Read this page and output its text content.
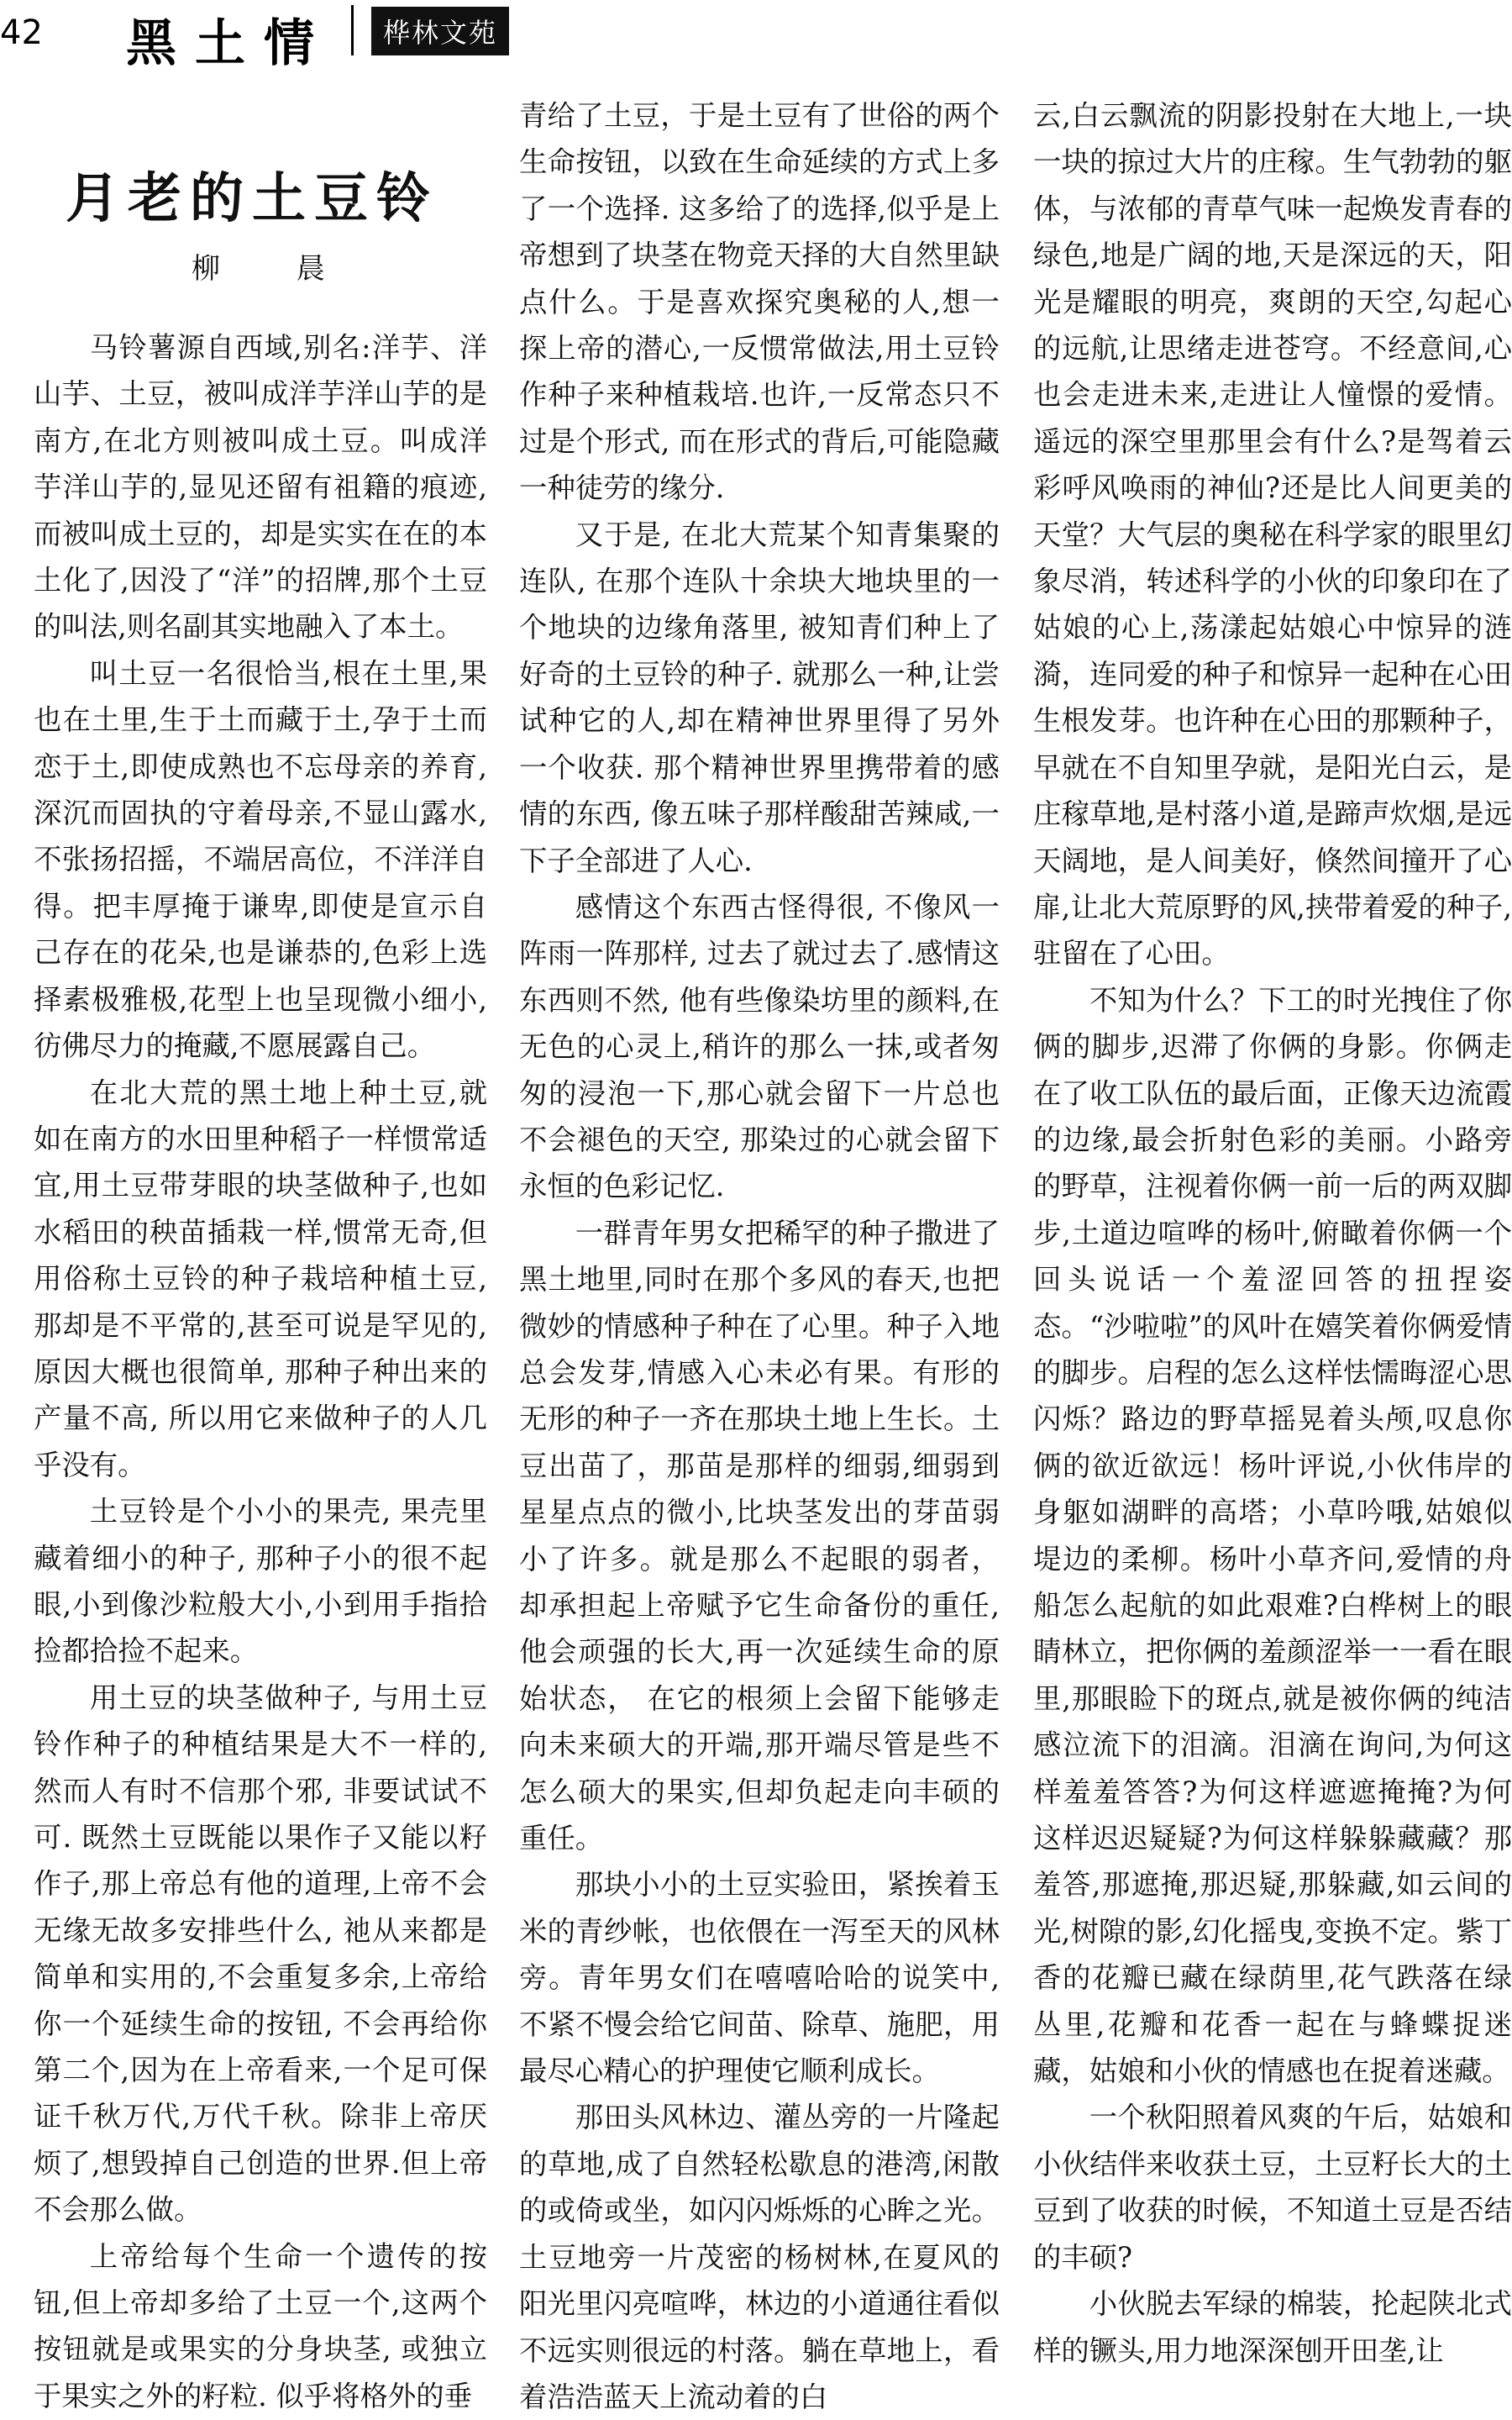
42 黑土情	桦林文苑
月老的土豆铃
柳 晨

马铃薯源自西域,别名:洋芋、洋山芋、土豆，被叫成洋芋洋山芋的是南方,在北方则被叫成土豆。叫成洋芋洋山芋的,显见还留有祖籍的痕迹,而被叫成土豆的，却是实实在在的本土化了,因没了“洋”的招牌,那个土豆的叫法,则名副其实地融入了本土。

叫土豆一名很恰当,根在土里,果也在土里,生于土而藏于土,孕于土而恋于土,即使成熟也不忘母亲的养育,深沉而固执的守着母亲,不显山露水,不张扬招摇，不端居高位，不洋洋自得。把丰厚掩于谦卑,即使是宣示自己存在的花朵,也是谦恭的,色彩上选择素极雅极,花型上也呈现微小细小,彷佛尽力的掩藏,不愿展露自己。

在北大荒的黑土地上种土豆,就如在南方的水田里种稻子一样惯常适宜,用土豆带芽眼的块茎做种子,也如水稻田的秧苗插栽一样,惯常无奇,但用俗称土豆铃的种子栽培种植土豆,那却是不平常的,甚至可说是罕见的,原因大概也很简单, 那种子种出来的产量不高, 所以用它来做种子的人几乎没有。

土豆铃是个小小的果壳, 果壳里藏着细小的种子, 那种子小的很不起眼,小到像沙粒般大小,小到用手指拾捡都拾捡不起来。

用土豆的块茎做种子, 与用土豆铃作种子的种植结果是大不一样的,然而人有时不信那个邪, 非要试试不可. 既然土豆既能以果作子又能以籽作子,那上帝总有他的道理,上帝不会无缘无故多安排些什么, 祂从来都是简单和实用的,不会重复多余,上帝给你一个延续生命的按钮, 不会再给你第二个,因为在上帝看来,一个足可保证千秋万代,万代千秋。除非上帝厌烦了,想毁掉自己创造的世界.但上帝不会那么做。

上帝给每个生命一个遗传的按钮,但上帝却多给了土豆一个,这两个按钮就是或果实的分身块茎, 或独立于果实之外的籽粒. 似乎将格外的垂

青给了土豆，于是土豆有了世俗的两个生命按钮，以致在生命延续的方式上多了一个选择. 这多给了的选择,似乎是上帝想到了块茎在物竞天择的大自然里缺点什么。于是喜欢探究奥秘的人,想一探上帝的潜心,一反惯常做法,用土豆铃作种子来种植栽培.也许,一反常态只不过是个形式, 而在形式的背后,可能隐藏一种徒劳的缘分.

又于是, 在北大荒某个知青集聚的连队, 在那个连队十余块大地块里的一个地块的边缘角落里, 被知青们种上了好奇的土豆铃的种子. 就那么一种,让尝试种它的人,却在精神世界里得了另外一个收获. 那个精神世界里携带着的感情的东西, 像五味子那样酸甜苦辣咸,一下子全部进了人心.

感情这个东西古怪得很, 不像风一阵雨一阵那样, 过去了就过去了.感情这东西则不然, 他有些像染坊里的颜料,在无色的心灵上,稍许的那么一抹,或者匆匆的浸泡一下,那心就会留下一片总也不会褪色的天空, 那染过的心就会留下永恒的色彩记忆.

一群青年男女把稀罕的种子撒进了黑土地里,同时在那个多风的春天,也把微妙的情感种子种在了心里。种子入地总会发芽,情感入心未必有果。有形的无形的种子一齐在那块土地上生长。土豆出苗了，那苗是那样的细弱,细弱到星星点点的微小,比块茎发出的芽苗弱小了许多。就是那么不起眼的弱者， 却承担起上帝赋予它生命备份的重任,他会顽强的长大,再一次延续生命的原始状态， 在它的根须上会留下能够走向未来硕大的开端,那开端尽管是些不怎么硕大的果实,但却负起走向丰硕的重任。

那块小小的土豆实验田，紧挨着玉米的青纱帐，也依偎在一泻至天的风林旁。青年男女们在嘻嘻哈哈的说笑中,不紧不慢会给它间苗、除草、施肥，用最尽心精心的护理使它顺利成长。

那田头风林边、灌丛旁的一片隆起的草地,成了自然轻松歇息的港湾,闲散的或倚或坐，如闪闪烁烁的心眸之光。土豆地旁一片茂密的杨树林,在夏风的阳光里闪亮喧哗，林边的小道通往看似不远实则很远的村落。躺在草地上，看着浩浩蓝天上流动着的白

云,白云飘流的阴影投射在大地上,一块一块的掠过大片的庄稼。生气勃勃的躯体，与浓郁的青草气味一起焕发青春的绿色,地是广阔的地,天是深远的天，阳光是耀眼的明亮，爽朗的天空,勾起心的远航,让思绪走进苍穹。不经意间,心也会走进未来,走进让人憧憬的爱情。遥远的深空里那里会有什么?是驾着云彩呼风唤雨的神仙?还是比人间更美的天堂？大气层的奥秘在科学家的眼里幻象尽消，转述科学的小伙的印象印在了姑娘的心上,荡漾起姑娘心中惊异的涟漪，连同爱的种子和惊异一起种在心田生根发芽。也许种在心田的那颗种子，早就在不自知里孕就，是阳光白云，是庄稼草地,是村落小道,是蹄声炊烟,是远天阔地，是人间美好，倏然间撞开了心扉,让北大荒原野的风,挟带着爱的种子,驻留在了心田。

不知为什么？下工的时光拽住了你俩的脚步,迟滞了你俩的身影。你俩走在了收工队伍的最后面，正像天边流霞的边缘,最会折射色彩的美丽。小路旁的野草，注视着你俩一前一后的两双脚步,土道边喧哗的杨叶,俯瞰着你俩一个回头说话一个羞涩回答的扭捏姿态。“沙啦啦”的风叶在嬉笑着你俩爱情的脚步。启程的怎么这样怯懦晦涩心思闪烁？路边的野草摇晃着头颅,叹息你俩的欲近欲远！杨叶评说,小伙伟岸的身躯如湖畔的高塔；小草吟哦,姑娘似堤边的柔柳。杨叶小草齐问,爱情的舟船怎么起航的如此艰难?白桦树上的眼睛林立，把你俩的羞颜涩举一一看在眼里,那眼睑下的斑点,就是被你俩的纯洁感泣流下的泪滴。泪滴在询问,为何这样羞羞答答?为何这样遮遮掩掩?为何这样迟迟疑疑?为何这样躲躲藏藏？那羞答,那遮掩,那迟疑,那躲藏,如云间的光,树隙的影,幻化摇曳,变换不定。紫丁香的花瓣已藏在绿荫里,花气跌落在绿丛里,花瓣和花香一起在与蜂蝶捉迷藏，姑娘和小伙的情感也在捉着迷藏。

一个秋阳照着风爽的午后，姑娘和小伙结伴来收获土豆，土豆籽长大的土豆到了收获的时候，不知道土豆是否结的丰硕?

小伙脱去军绿的棉装，抡起陕北式样的镢头,用力地深深刨开田垄,让
